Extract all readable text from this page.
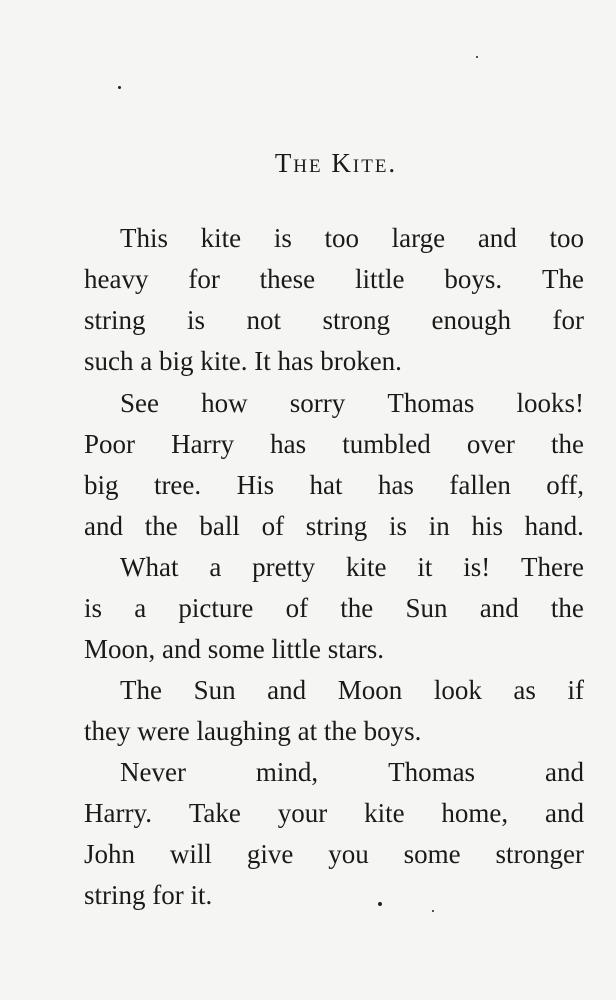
The Kite.
This kite is too large and too
heavy for these little boys. The
string is not strong enough for
such a big kite. It has broken.
See how sorry Thomas looks!
Poor Harry has tumbled over the
big tree. His hat has fallen off,
and the ball of string is in his hand.
What a pretty kite it is! There
is a picture of the Sun and the
Moon, and some little stars.
The Sun and Moon look as if
they were laughing at the boys.
Never	mind,	Thomas	and
Harry. Take your kite home, and
John will give you some stronger
string for it.
